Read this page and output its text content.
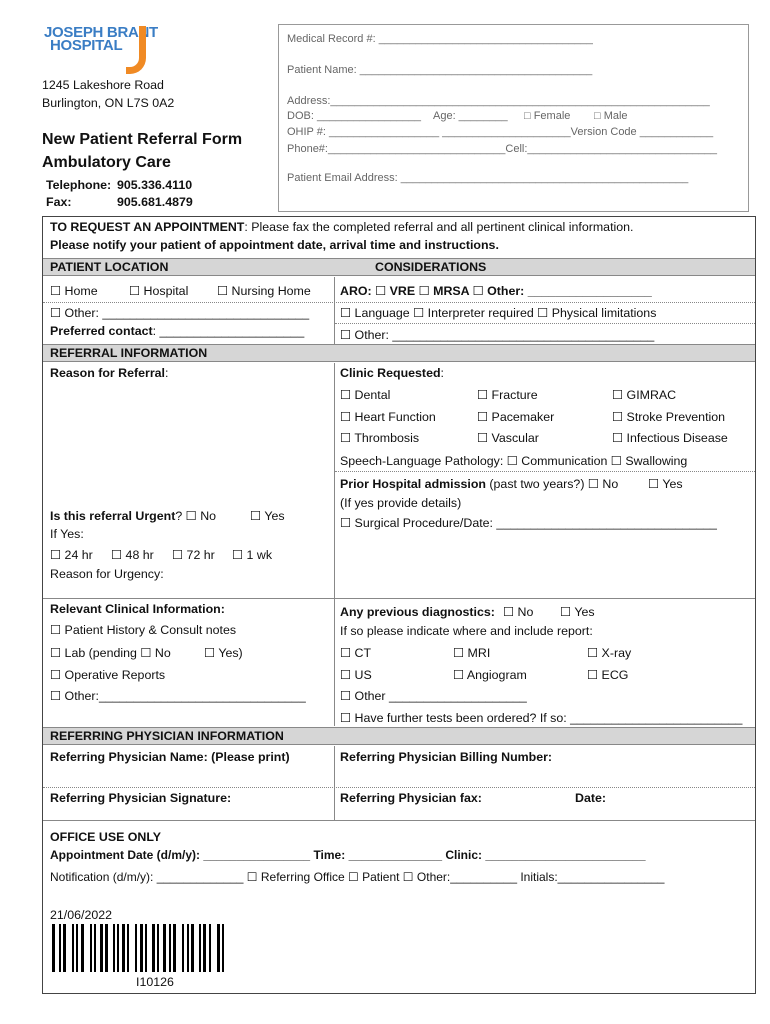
JOSEPH BRANT
HOSPITAL
1245 Lakeshore Road
Burlington, ON L7S 0A2
New Patient Referral Form
Ambulatory Care
Telephone: 905.336.4110
Fax:	905.681.4879
Medical Record #: ___________________________________
Patient Name: ______________________________________
Address:______________________________________________________________
DOB: _________________ Age: ________ □ Female □ Male
OHIP #: __________________ _____________________Version Code ____________
Phone#:_____________________________Cell:_______________________________
Patient Email Address: _______________________________________________
TO REQUEST AN APPOINTMENT: Please fax the completed referral and all pertinent clinical information.
Please notify your patient of appointment date, arrival time and instructions.
PATIENT LOCATION	CONSIDERATIONS
☐ Home	☐ Hospital ☐ Nursing Home
☐ Other: ______________________________
Preferred contact: _____________________
ARO: ☐ VRE ☐ MRSA ☐ Other: __________________
☐ Language ☐ Interpreter required ☐ Physical limitations
☐ Other: ______________________________________
REFERRAL INFORMATION
Reason for Referral:	Clinic Requested:
☐ Dental	☐ Fracture	☐ GIMRAC
☐ Heart Function	☐ Pacemaker	☐ Stroke Prevention
☐ Thrombosis	☐ Vascular	☐ Infectious Disease
Speech-Language Pathology: ☐ Communication ☐ Swallowing
Prior Hospital admission (past two years?) ☐ No ☐ Yes
(If yes provide details)
☐ Surgical Procedure/Date: ________________________________
Is this referral Urgent? ☐ No	☐ Yes
If Yes:
☐ 24 hr ☐ 48 hr ☐ 72 hr ☐ 1 wk
Reason for Urgency:
Relevant Clinical Information:
☐ Patient History & Consult notes
☐ Lab (pending ☐ No	☐ Yes)
☐ Operative Reports
☐ Other:______________________________
Any previous diagnostics: ☐ No ☐ Yes
If so please indicate where and include report:
☐ CT	☐ MRI	☐ X-ray
☐ US	☐ Angiogram	☐ ECG
☐ Other ____________________
☐ Have further tests been ordered? If so: _________________________
REFERRING PHYSICIAN INFORMATION
Referring Physician Name: (Please print)	Referring Physician Billing Number:
Referring Physician Signature:	Referring Physician fax:	Date:
OFFICE USE ONLY
Appointment Date (d/m/y): ________________ Time: ______________ Clinic: ________________________
Notification (d/m/y): _____________ ☐ Referring Office ☐ Patient ☐ Other:__________ Initials:________________
21/06/2022
I10126
